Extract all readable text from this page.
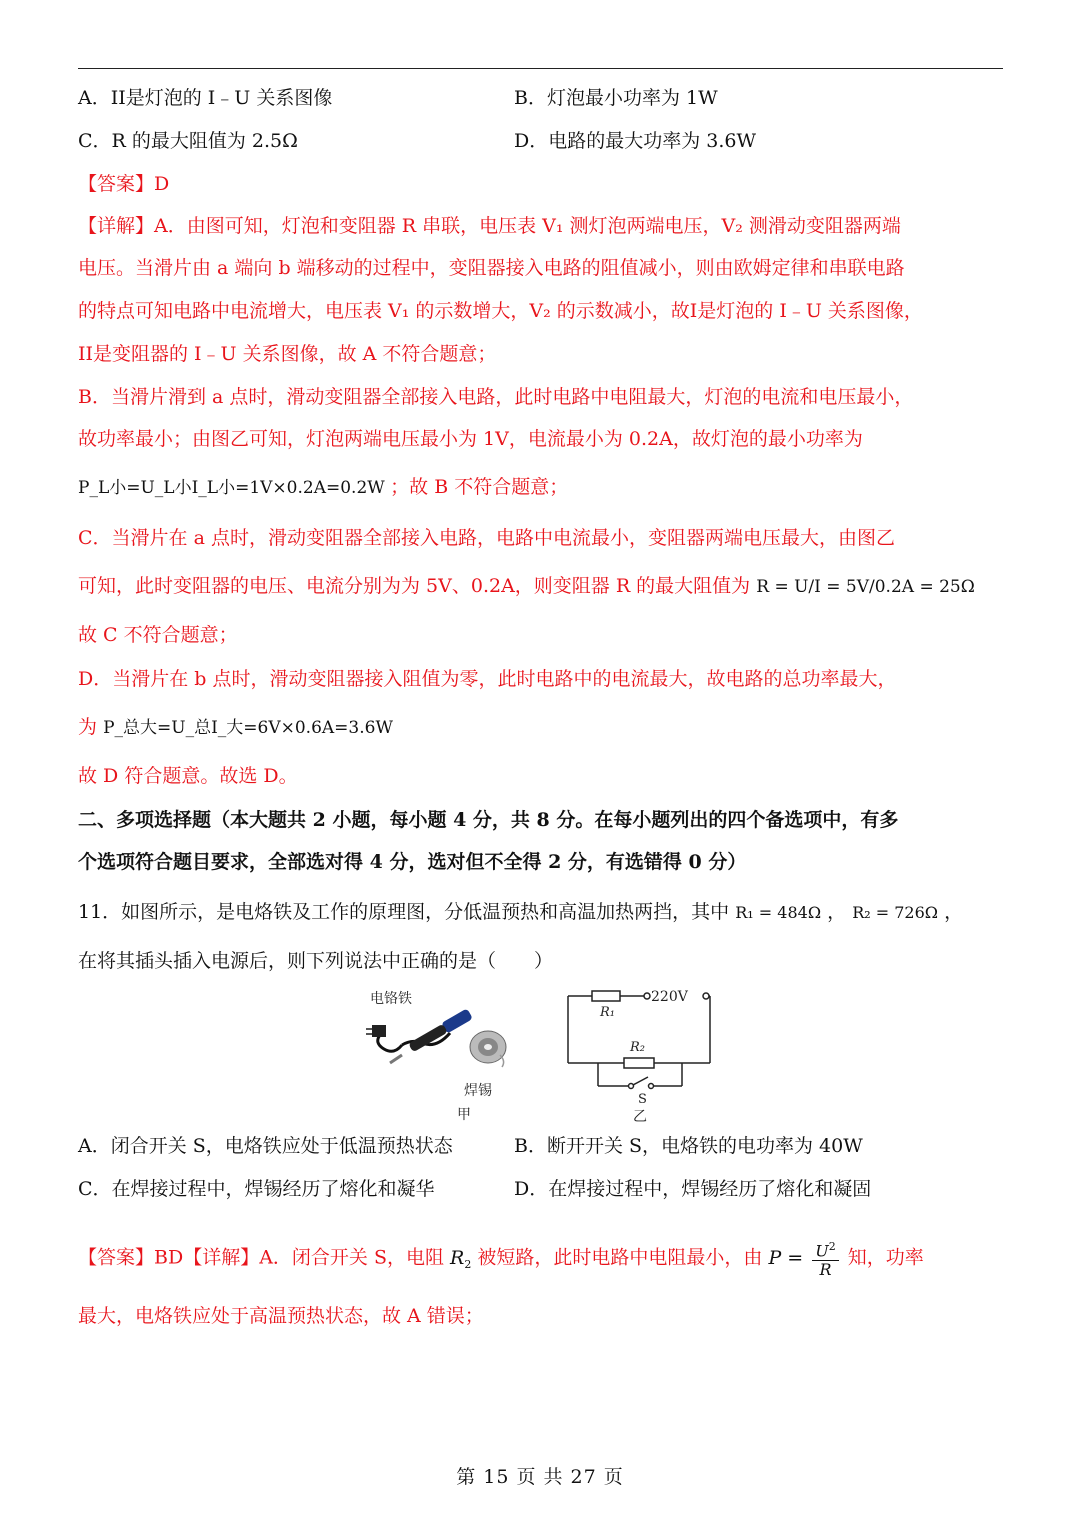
A．II是灯泡的 I﹣U 关系图像	B．灯泡最小功率为 1W
C．R 的最大阻值为 2.5Ω	D．电路的最大功率为 3.6W
【答案】D
【详解】A．由图可知，灯泡和变阻器 R 串联，电压表 V₁ 测灯泡两端电压，V₂ 测滑动变阻器两端
电压。当滑片由 a 端向 b 端移动的过程中，变阻器接入电路的阻值减小，则由欧姆定律和串联电路
的特点可知电路中电流增大，电压表 V₁ 的示数增大，V₂ 的示数减小，故I是灯泡的 I﹣U 关系图像，
II是变阻器的 I﹣U 关系图像，故 A 不符合题意；
B．当滑片滑到 a 点时，滑动变阻器全部接入电路，此时电路中电阻最大，灯泡的电流和电压最小，
故功率最小；由图乙可知，灯泡两端电压最小为 1V，电流最小为 0.2A，故灯泡的最小功率为
P_L小=U_L小I_L小=1V×0.2A=0.2W ；故 B 不符合题意；
C．当滑片在 a 点时，滑动变阻器全部接入电路，电路中电流最小，变阻器两端电压最大，由图乙
可知，此时变阻器的电压、电流分别为为 5V、0.2A，则变阻器 R 的最大阻值为 R = U/I = 5V/0.2A = 25Ω
故 C 不符合题意；
D．当滑片在 b 点时，滑动变阻器接入阻值为零，此时电路中的电流最大，故电路的总功率最大，
为 P_总大=U_总I_大=6V×0.6A=3.6W
故 D 符合题意。故选 D。
二、多项选择题（本大题共 2 小题，每小题 4 分，共 8 分。在每小题列出的四个备选项中，有多
个选项符合题目要求，全部选对得 4 分，选对但不全得 2 分，有选错得 0 分）
11．如图所示，是电烙铁及工作的原理图，分低温预热和高温加热两挡，其中 R₁ = 484Ω ， R₂ = 726Ω ，
在将其插头插入电源后，则下列说法中正确的是（　　）
电铬铁
焊锡
甲
220V
R₁
R₂
S
乙
A．闭合开关 S，电烙铁应处于低温预热状态	B．断开开关 S，电烙铁的电功率为 40W
C．在焊接过程中，焊锡经历了熔化和凝华	D．在焊接过程中，焊锡经历了熔化和凝固
【答案】BD【详解】A．闭合开关 S，电阻 $R_2$ 被短路，此时电路中电阻最小，由 $P = \frac{U^2}{R}$ 知，功率
最大，电烙铁应处于高温预热状态，故 A 错误；
第 15 页 共 27 页
